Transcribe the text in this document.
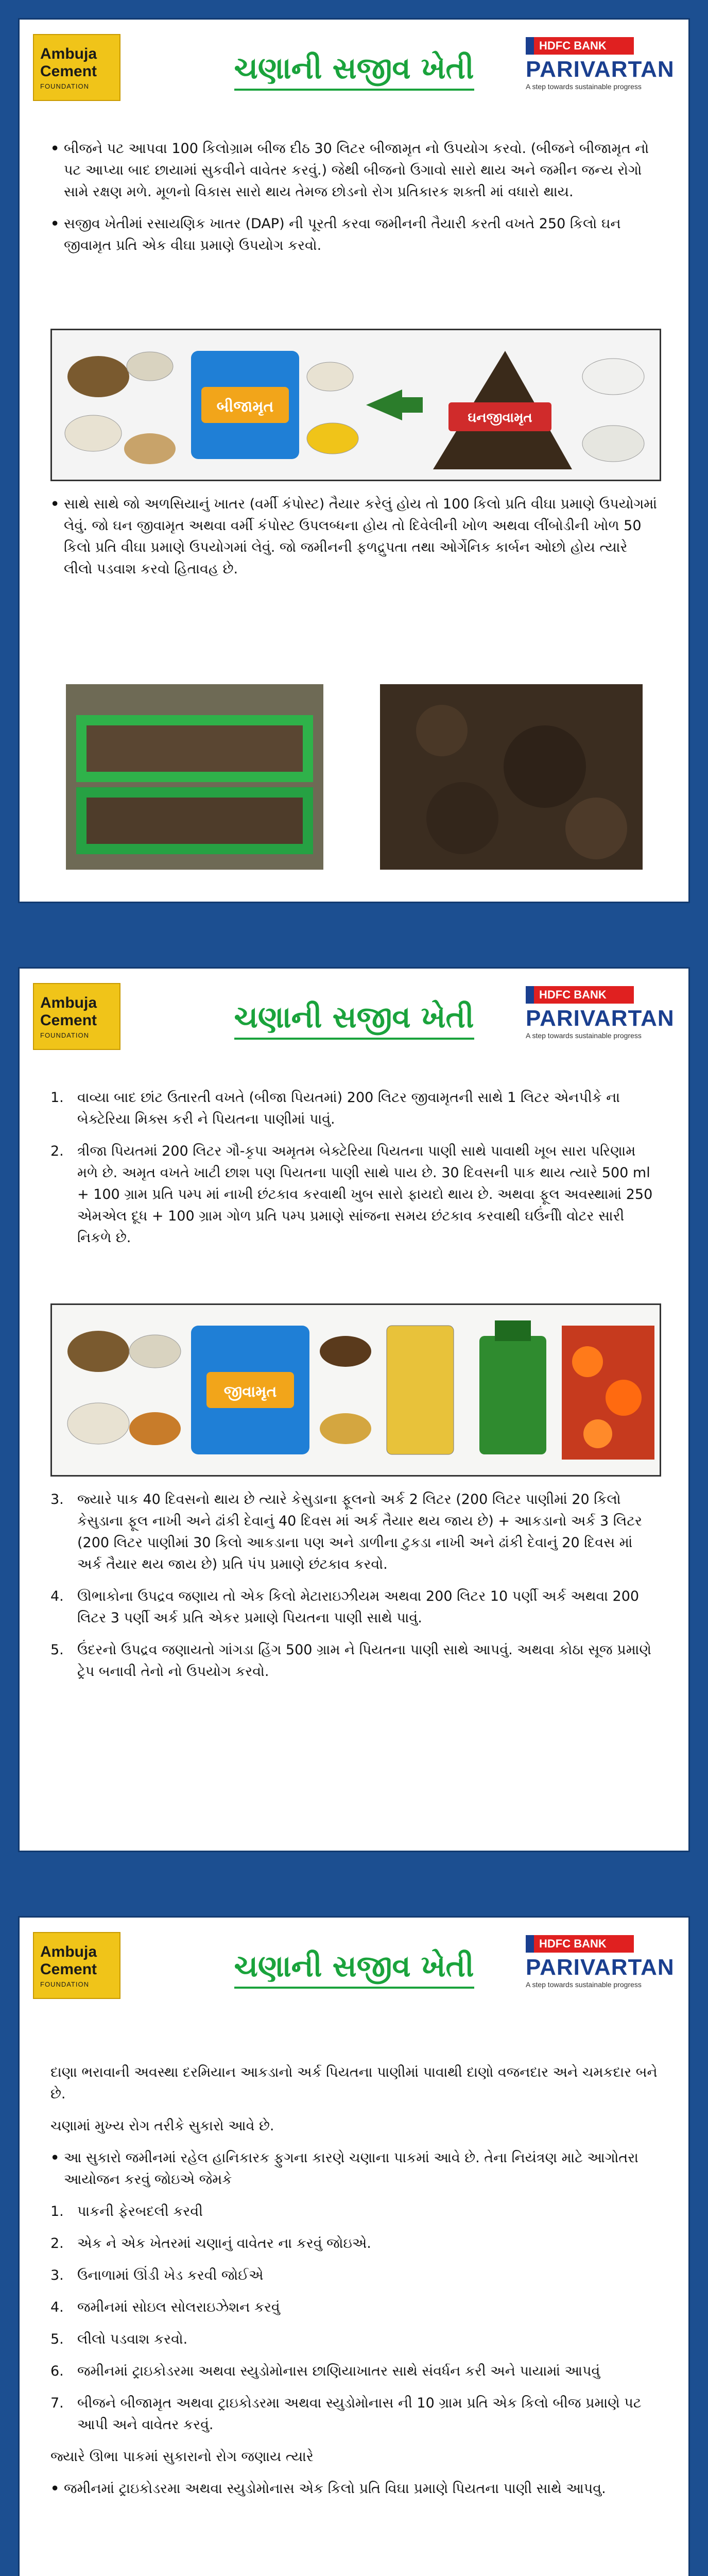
Ambuja
Cement
FOUNDATION
ચણાની સજીવ ખેતી
HDFC BANK
PARIVARTAN
A step towards sustainable progress

• બીજને પટ આપવા 100 કિલોગ્રામ બીજ દીઠ 30 લિટર બીજામૃત નો ઉપયોગ કરવો. (બીજને બીજામૃત નો પટ આપ્યા બાદ છાયામાં સુકવીને વાવેતર કરવું.) જેથી બીજનો ઉગાવો સારો થાય અને જમીન જન્ય રોગો સામે રક્ષણ મળે. મૂળનો વિકાસ સારો થાય તેમજ છોડનો રોગ પ્રતિકારક શક્તી માં વધારો થાય.

• સજીવ ખેતીમાં રસાયણિક ખાતર (DAP) ની પૂરતી કરવા જમીનની તૈયારી કરતી વખતે 250 કિલો ઘન જીવામૃત પ્રતિ એક વીઘા પ્રમાણે ઉપયોગ કરવો.

બીજામૃત
ઘનજીવામૃત

• સાથે સાથે જો અળસિયાનું ખાતર (વર્મી કંપોસ્ટ) તૈયાર કરેલું હોય તો 100 કિલો પ્રતિ વીઘા પ્રમાણે ઉપયોગમાં લેવું. જો ઘન જીવામૃત અથવા વર્મી કંપોસ્ટ ઉપલબ્ધના હોય તો દિવેલીની ખોળ અથવા લીંબોડીની ખોળ 50 કિલો પ્રતિ વીઘા પ્રમાણે ઉપયોગમાં લેવું. જો જમીનની ફળદ્રુપતા તથા ઓર્ગેનિક કાર્બન ઓછો હોય ત્યારે લીલો પડવાશ કરવો હિતાવહ છે.

Ambuja
Cement
FOUNDATION
ચણાની સજીવ ખેતી
HDFC BANK
PARIVARTAN
A step towards sustainable progress

1. વાવ્યા બાદ છાંટ ઉતારતી વખતે (બીજા પિયતમાં) 200 લિટર જીવામૃતની સાથે 1 લિટર એનપીકે ના બેક્ટેરિયા મિક્સ કરી ને પિયતના પાણીમાં પાવું.

2. ત્રીજા પિયતમાં 200 લિટર ગૌ-કૃપા અમૃતમ બેક્ટેરિયા પિયતના પાણી સાથે પાવાથી ખૂબ સારા પરિણામ મળે છે. અમૃત વખતે ખાટી છાશ પણ પિયતના પાણી સાથે પાય છે. 30 દિવસની પાક થાય ત્યારે 500 ml + 100 ગ્રામ પ્રતિ પમ્પ માં નાખી છંટકાવ કરવાથી ખુબ સારો ફાયદો થાય છે. અથવા ફૂલ અવસ્થામાં 250 એમએલ દૂધ + 100 ગ્રામ ગોળ પ્રતિ પમ્પ પ્રમાણે સાંજના સમય છંટકાવ કરવાથી ઘઉંનીો વોટર સારી નિકળે છે.

જીવામૃત

3. જ્યારે પાક 40 દિવસનો થાય છે ત્યારે કેસુડાના ફૂલનો અર્ક 2 લિટર (200 લિટર પાણીમાં 20 કિલો કેસુડાના ફૂલ નાખી અને ઢાંકી દેવાનું 40 દિવસ માં અર્ક તૈયાર થય જાય છે) + આકડાનો અર્ક 3 લિટર (200 લિટર પાણીમાં 30 કિલો આકડાના પણ અને ડાળીના ટુકડા નાખી અને ઢાંકી દેવાનું 20 દિવસ માં અર્ક તૈયાર થય જાય છે) પ્રતિ પંપ પ્રમાણે છંટકાવ કરવો.

4. ઊભાકોના ઉપદ્રવ જણાય તો એક કિલો મેટારાઇઝીયમ અથવા 200 લિટર 10 પર્ણી અર્ક અથવા 200 લિટર 3 પર્ણી અર્ક પ્રતિ એકર પ્રમાણે પિયતના પાણી સાથે પાવું.

5. ઉંદરનો ઉપદ્રવ જણાયતો ગાંગડા હિંગ 500 ગ્રામ ને પિયતના પાણી સાથે આપવું. અથવા કોઠા સૂજ પ્રમાણે ટ્રેપ બનાવી તેનો નો ઉપયોગ કરવો.

Ambuja
Cement
FOUNDATION
ચણાની સજીવ ખેતી
HDFC BANK
PARIVARTAN
A step towards sustainable progress

દાણા ભરાવાની અવસ્થા દરમિયાન આકડાનો અર્ક પિયતના પાણીમાં પાવાથી દાણો વજનદાર અને ચમકદાર બને છે.

ચણામાં મુખ્ય રોગ તરીકે સુકારો આવે છે.

• આ સુકારો જમીનમાં રહેલ હાનિકારક ફુગના કારણે ચણાના પાકમાં આવે છે. તેના નિયંત્રણ માટે આગોતરા આયોજન કરવું જોઇએ જેમકે

1. પાકની ફેરબદલી કરવી

2. એક ને એક ખેતરમાં ચણાનું વાવેતર ના કરવું જોઇએ.

3. ઉનાળામાં ઊંડી ખેડ કરવી જોઈએ

4. જમીનમાં સોઇલ સોલરાઇઝેશન કરવું

5. લીલો પડવાશ કરવો.

6. જમીનમાં ટ્રાઇકોડરમા અથવા સ્યુડોમોનાસ છાણિયાખાતર સાથે સંવર્ધન કરી અને પાયામાં આપવું

7. બીજને બીજામૃત અથવા ટ્રાઇકોડરમા અથવા સ્યુડોમોનાસ ની 10 ગ્રામ પ્રતિ એક કિલો બીજ પ્રમાણે પટ આપી અને વાવેતર કરવું.

જ્યારે ઊભા પાકમાં સુકારાનો રોગ જણાય ત્યારે

• જમીનમાં ટ્રાઇકોડરમા અથવા સ્યુડોમોનાસ એક કિલો પ્રતિ વિઘા પ્રમાણે પિયતના પાણી સાથે આપવુ.
